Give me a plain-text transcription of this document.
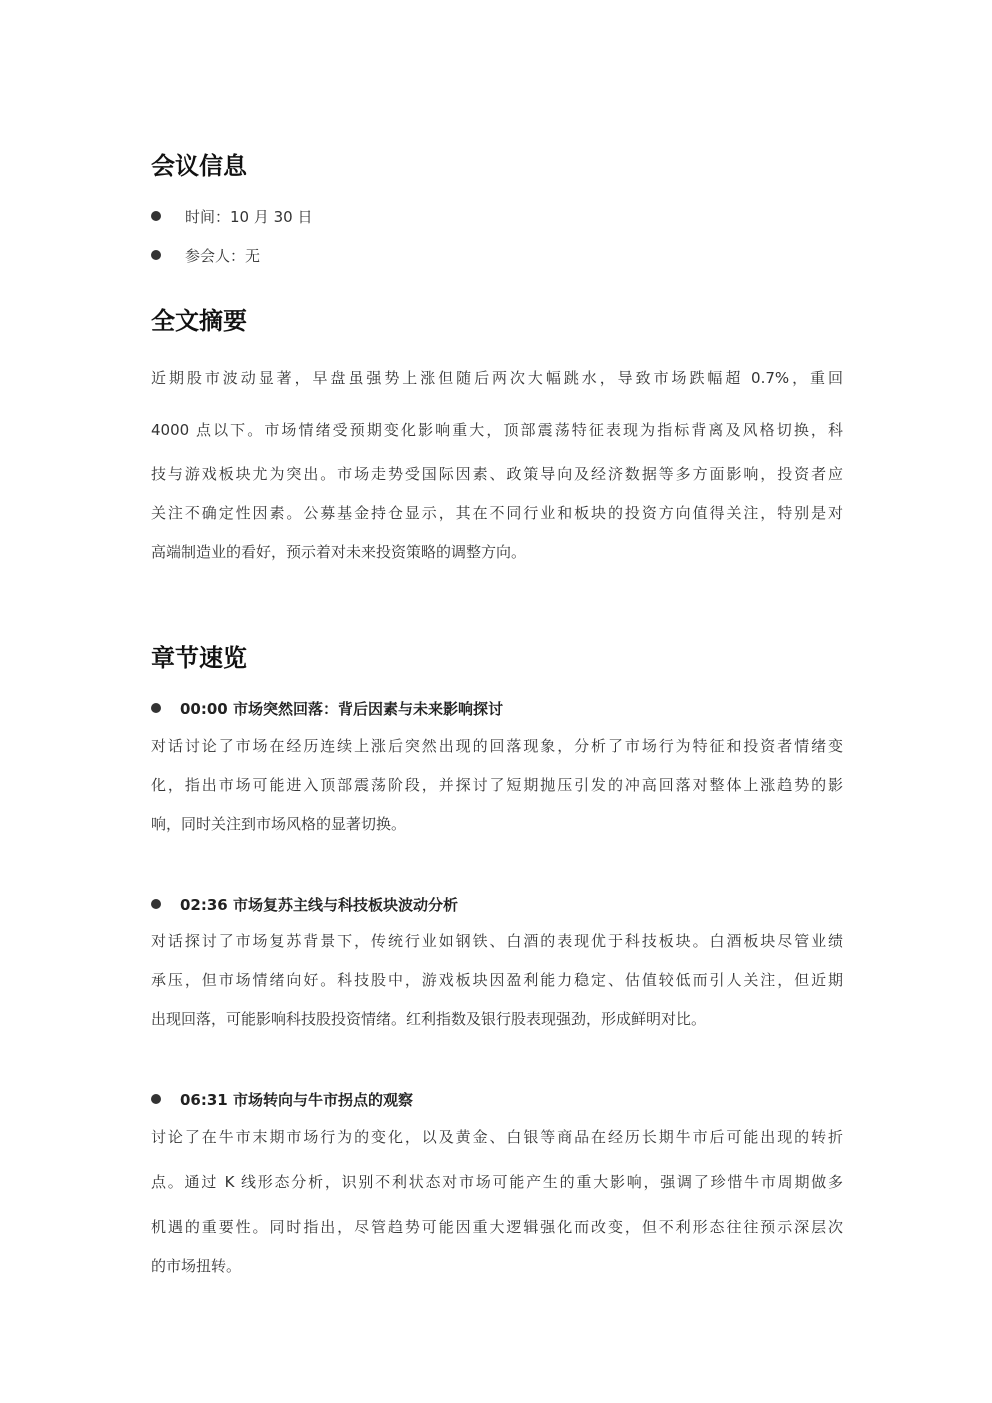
会议信息
时间：10 月 30 日
参会人：无
全文摘要
近期股市波动显著，早盘虽强势上涨但随后两次大幅跳水，导致市场跌幅超 0.7%，重回
4000 点以下。市场情绪受预期变化影响重大，顶部震荡特征表现为指标背离及风格切换，科
技与游戏板块尤为突出。市场走势受国际因素、政策导向及经济数据等多方面影响，投资者应
关注不确定性因素。公募基金持仓显示，其在不同行业和板块的投资方向值得关注，特别是对
高端制造业的看好，预示着对未来投资策略的调整方向。
章节速览
00:00 市场突然回落：背后因素与未来影响探讨
对话讨论了市场在经历连续上涨后突然出现的回落现象，分析了市场行为特征和投资者情绪变
化，指出市场可能进入顶部震荡阶段，并探讨了短期抛压引发的冲高回落对整体上涨趋势的影
响，同时关注到市场风格的显著切换。
02:36 市场复苏主线与科技板块波动分析
对话探讨了市场复苏背景下，传统行业如钢铁、白酒的表现优于科技板块。白酒板块尽管业绩
承压，但市场情绪向好。科技股中，游戏板块因盈利能力稳定、估值较低而引人关注，但近期
出现回落，可能影响科技股投资情绪。红利指数及银行股表现强劲，形成鲜明对比。
06:31 市场转向与牛市拐点的观察
讨论了在牛市末期市场行为的变化，以及黄金、白银等商品在经历长期牛市后可能出现的转折
点。通过 K 线形态分析，识别不利状态对市场可能产生的重大影响，强调了珍惜牛市周期做多
机遇的重要性。同时指出，尽管趋势可能因重大逻辑强化而改变，但不利形态往往预示深层次
的市场扭转。
